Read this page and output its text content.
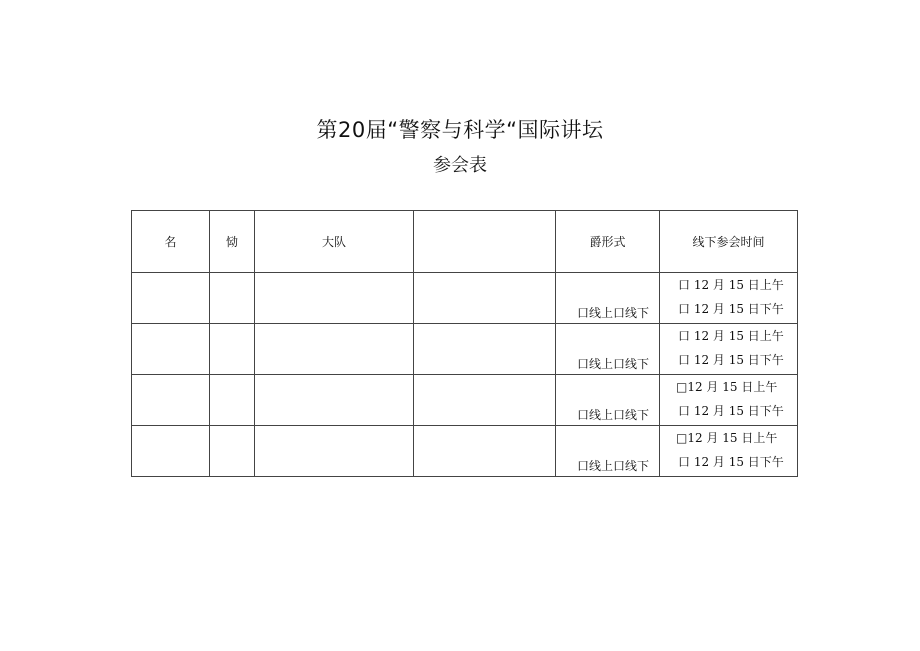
第20届“警察与科学“国际讲坛
参会表
名	恸	大队		爵形式	线下参会时间
				口线上口线下	口 12 月 15 日上午
口 12 月 15 日下午

				口线上口线下	口 12 月 15 日上午
口 12 月 15 日下午

				口线上口线下	□12 月 15 日上午
口 12 月 15 日下午

				口线上口线下	□12 月 15 日上午
口 12 月 15 日下午
